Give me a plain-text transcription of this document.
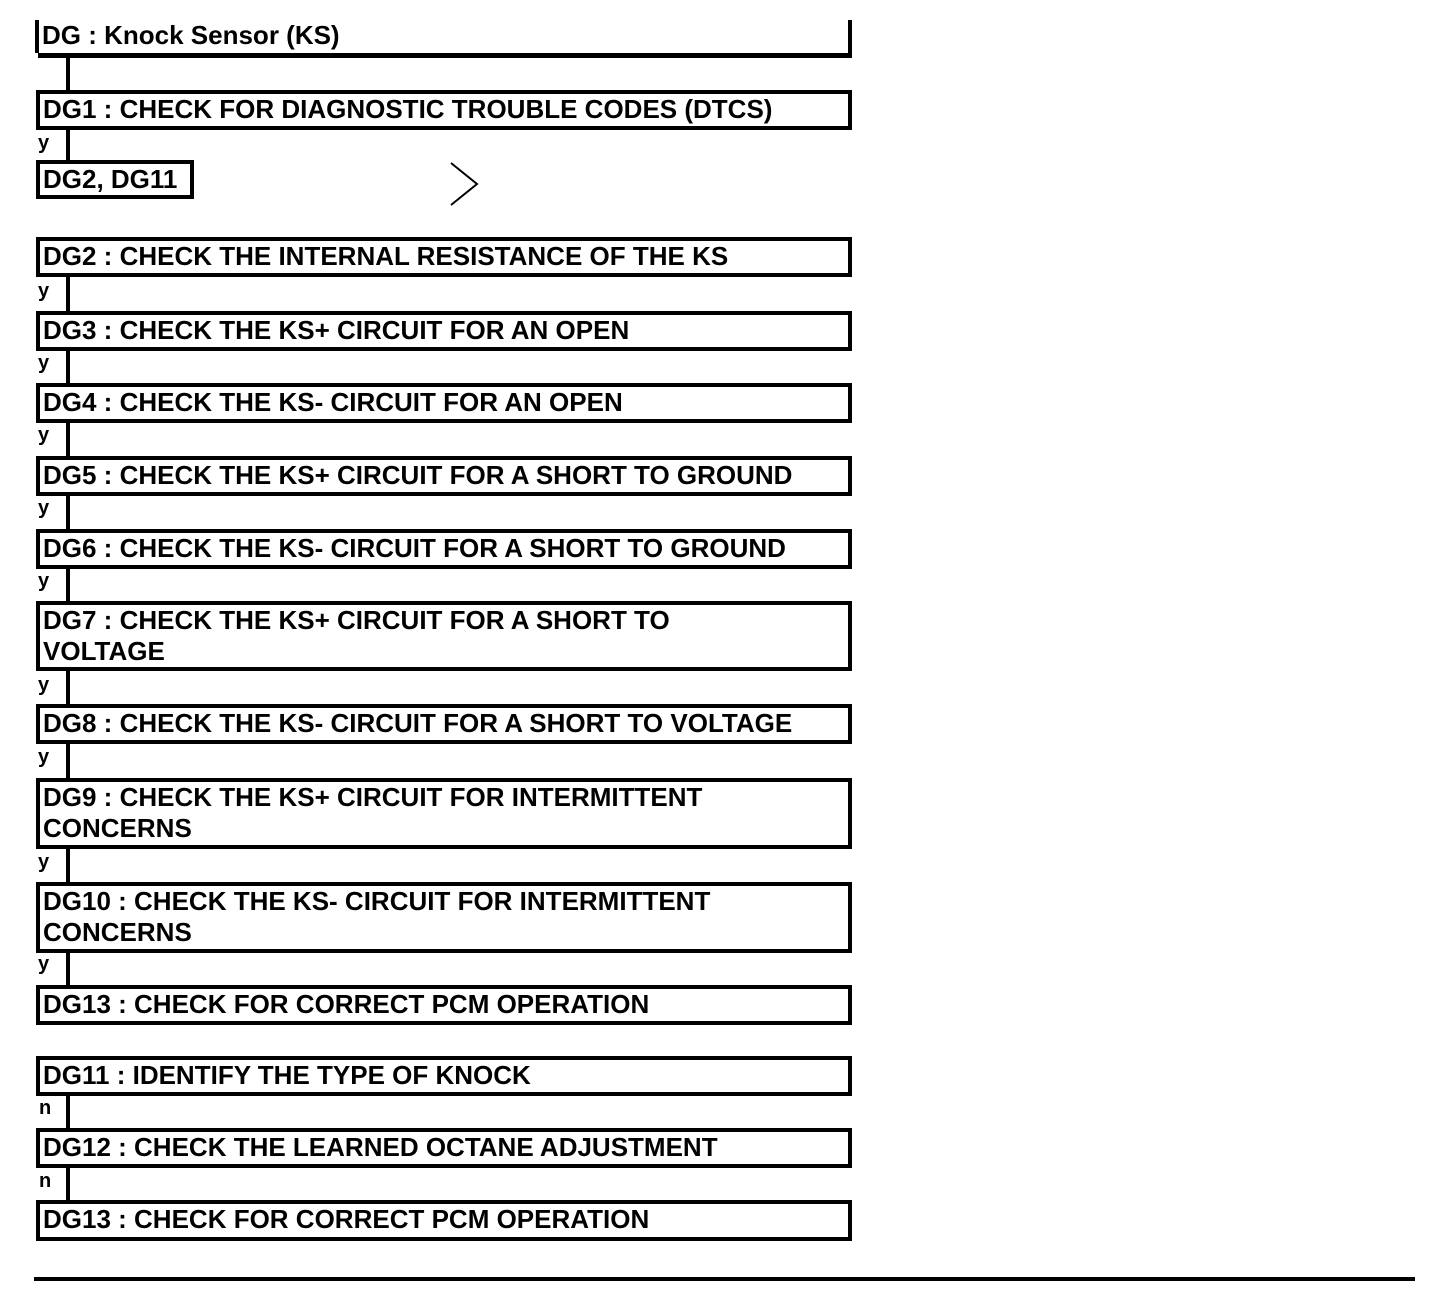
DG : Knock Sensor (KS)
DG1 : CHECK FOR DIAGNOSTIC TROUBLE CODES (DTCS)
y
DG2, DG11
DG2 : CHECK THE INTERNAL RESISTANCE OF THE KS
y
DG3 : CHECK THE KS+ CIRCUIT FOR AN OPEN
y
DG4 : CHECK THE KS- CIRCUIT FOR AN OPEN
y
DG5 : CHECK THE KS+ CIRCUIT FOR A SHORT TO GROUND
y
DG6 : CHECK THE KS- CIRCUIT FOR A SHORT TO GROUND
y
DG7 : CHECK THE KS+ CIRCUIT FOR A SHORT TO
VOLTAGE
y
DG8 : CHECK THE KS- CIRCUIT FOR A SHORT TO VOLTAGE
y
DG9 : CHECK THE KS+ CIRCUIT FOR INTERMITTENT
CONCERNS
y
DG10 : CHECK THE KS- CIRCUIT FOR INTERMITTENT
CONCERNS
y
DG13 : CHECK FOR CORRECT PCM OPERATION
DG11 : IDENTIFY THE TYPE OF KNOCK
n
DG12 : CHECK THE LEARNED OCTANE ADJUSTMENT
n
DG13 : CHECK FOR CORRECT PCM OPERATION
